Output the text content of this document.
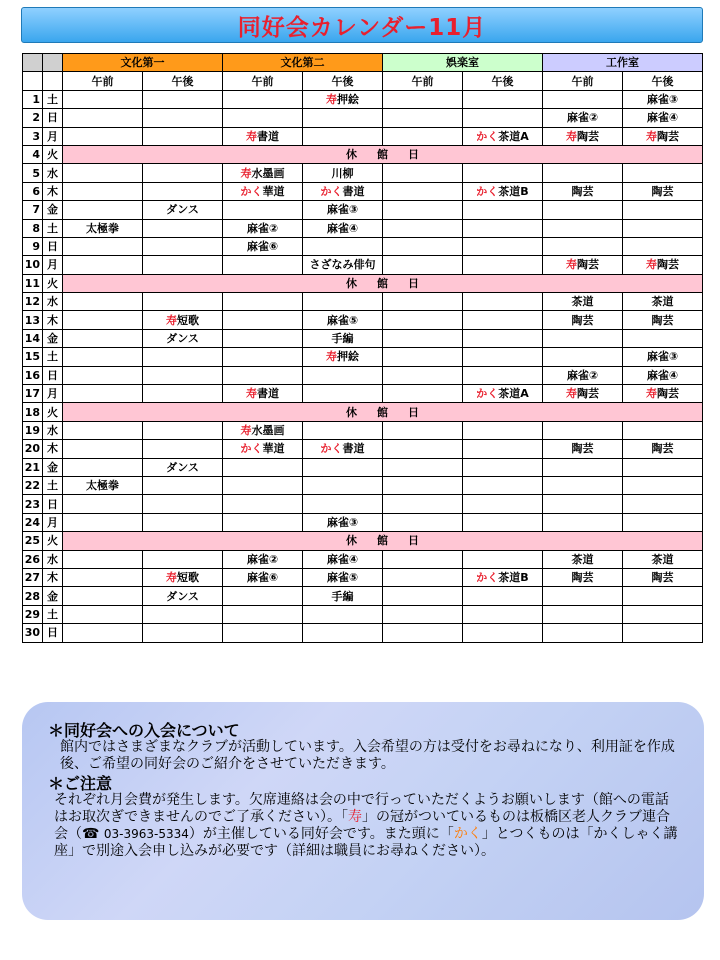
同好会カレンダー11月
		文化第一		文化第二		娯楽室		工作室	
		午前	午後	午前	午後	午前	午後	午前	午後
1	土				寿押絵				麻雀③
2	日							麻雀②	麻雀④
3	月			寿書道			かく茶道A	寿陶芸	寿陶芸
4	火	休館日							
5	水			寿水墨画	川柳				
6	木			かく華道	かく書道		かく茶道B	陶芸	陶芸
7	金		ダンス		麻雀③				
8	土	太極拳		麻雀②	麻雀④				
9	日			麻雀⑥					
10	月				さざなみ俳句			寿陶芸	寿陶芸
11	火	休館日							
12	水							茶道	茶道
13	木		寿短歌		麻雀⑤			陶芸	陶芸
14	金		ダンス		手編				
15	土				寿押絵				麻雀③
16	日							麻雀②	麻雀④
17	月			寿書道			かく茶道A	寿陶芸	寿陶芸
18	火	休館日							
19	水			寿水墨画					
20	木			かく華道	かく書道			陶芸	陶芸
21	金		ダンス						
22	土	太極拳							
23	日								
24	月				麻雀③				
25	火	休館日							
26	水			麻雀②	麻雀④			茶道	茶道
27	木		寿短歌	麻雀⑥	麻雀⑤		かく茶道B	陶芸	陶芸
28	金		ダンス		手編				
29	土								
30	日								
＊同好会への入会について

館内ではさまざまなクラブが活動しています。入会希望の方は受付をお尋ねになり、利用証を作成後、ご希望の同好会のご紹介をさせていただきます。

＊ご注意

それぞれ月会費が発生します。欠席連絡は会の中で行っていただくようお願いします（館への電話はお取次ぎできませんのでご了承ください）。「寿」の冠がついているものは板橋区老人クラブ連合会（☎ 03-3963-5334）が主催している同好会です。また頭に「かく」とつくものは「かくしゃく講座」で別途入会申し込みが必要です（詳細は職員にお尋ねください）。
